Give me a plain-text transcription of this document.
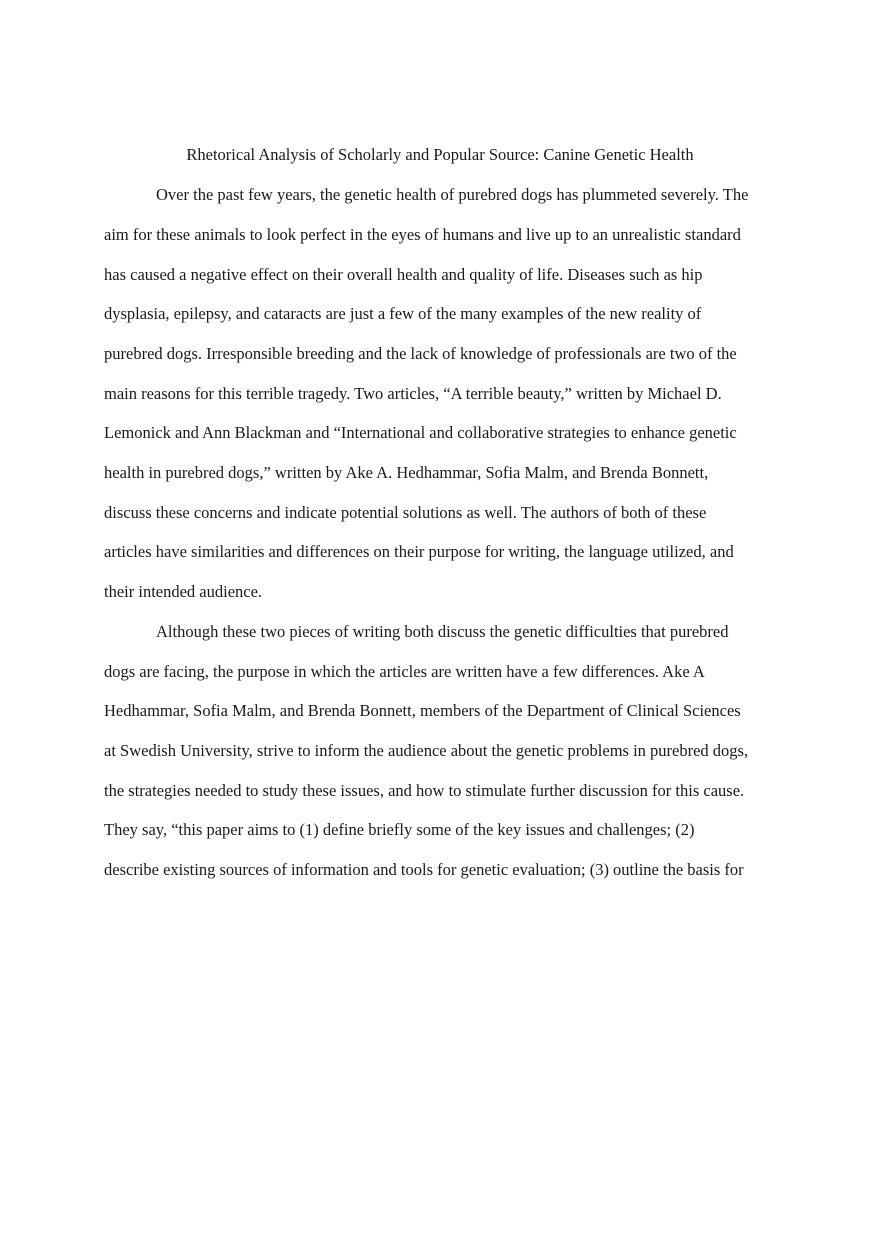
Rhetorical Analysis of Scholarly and Popular Source: Canine Genetic Health
Over the past few years, the genetic health of purebred dogs has plummeted severely. The
aim for these animals to look perfect in the eyes of humans and live up to an unrealistic standard
has caused a negative effect on their overall health and quality of life. Diseases such as hip
dysplasia, epilepsy, and cataracts are just a few of the many examples of the new reality of
purebred dogs. Irresponsible breeding and the lack of knowledge of professionals are two of the
main reasons for this terrible tragedy. Two articles, “A terrible beauty,” written by Michael D.
Lemonick and Ann Blackman and “International and collaborative strategies to enhance genetic
health in purebred dogs,” written by Ake A. Hedhammar, Sofia Malm, and Brenda Bonnett,
discuss these concerns and indicate potential solutions as well. The authors of both of these
articles have similarities and differences on their purpose for writing, the language utilized, and
their intended audience.
Although these two pieces of writing both discuss the genetic difficulties that purebred
dogs are facing, the purpose in which the articles are written have a few differences. Ake A
Hedhammar, Sofia Malm, and Brenda Bonnett, members of the Department of Clinical Sciences
at Swedish University, strive to inform the audience about the genetic problems in purebred dogs,
the strategies needed to study these issues, and how to stimulate further discussion for this cause.
They say, “this paper aims to (1) define briefly some of the key issues and challenges; (2)
describe existing sources of information and tools for genetic evaluation; (3) outline the basis for
